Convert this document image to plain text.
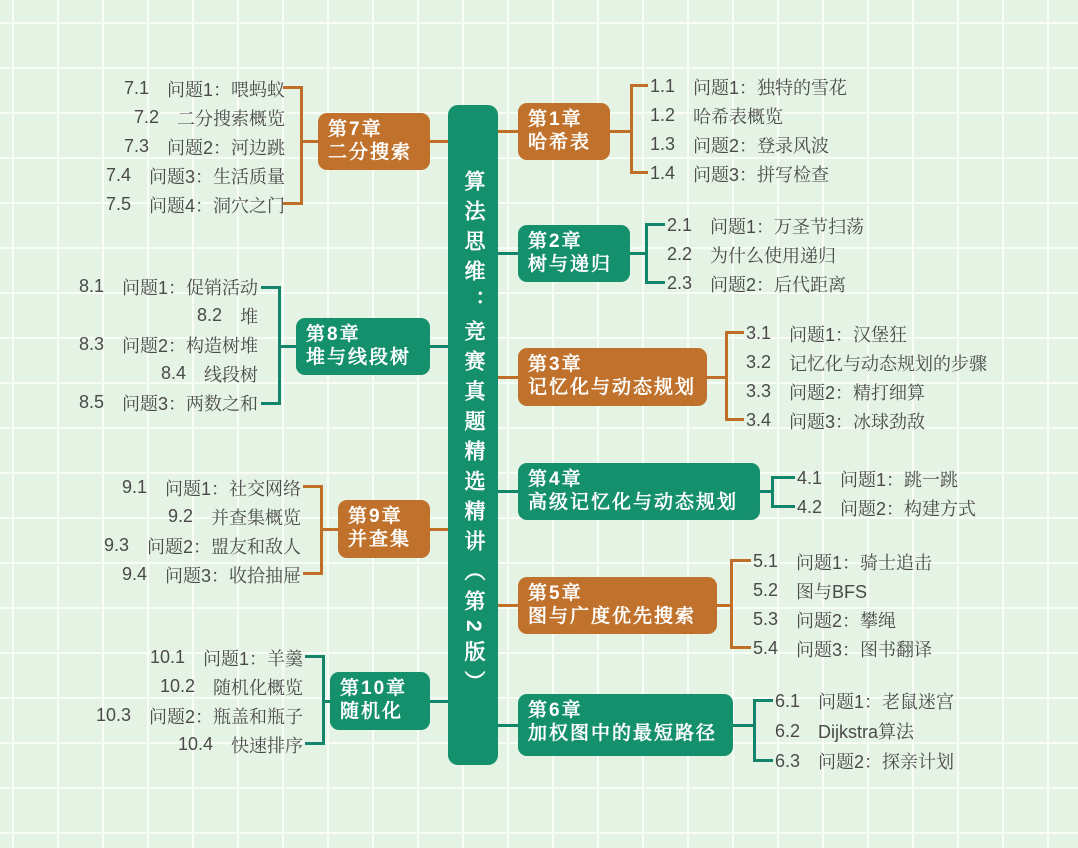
算法思维：竞赛真题精选精讲（第2版）
第1章
哈希表
1.1 问题1：独特的雪花
1.2 哈希表概览
1.3 问题2：登录风波
1.4 问题3：拼写检查
第2章
树与递归
2.1 问题1：万圣节扫荡
2.2 为什么使用递归
2.3 问题2：后代距离
第3章
记忆化与动态规划
3.1 问题1：汉堡狂
3.2 记忆化与动态规划的步骤
3.3 问题2：精打细算
3.4 问题3：冰球劲敌
第4章
高级记忆化与动态规划
4.1 问题1：跳一跳
4.2 问题2：构建方式
第5章
图与广度优先搜索
5.1 问题1：骑士追击
5.2 图与BFS
5.3 问题2：攀绳
5.4 问题3：图书翻译
第6章
加权图中的最短路径
6.1 问题1：老鼠迷宫
6.2 Dijkstra算法
6.3 问题2：探亲计划
第7章
二分搜索
7.1 问题1：喂蚂蚁
7.2 二分搜索概览
7.3 问题2：河边跳
7.4 问题3：生活质量
7.5 问题4：洞穴之门
第8章
堆与线段树
8.1 问题1：促销活动
8.2 堆
8.3 问题2：构造树堆
8.4 线段树
8.5 问题3：两数之和
第9章
并查集
9.1 问题1：社交网络
9.2 并查集概览
9.3 问题2：盟友和敌人
9.4 问题3：收拾抽屉
第10章
随机化
10.1 问题1：羊羹
10.2 随机化概览
10.3 问题2：瓶盖和瓶子
10.4 快速排序
